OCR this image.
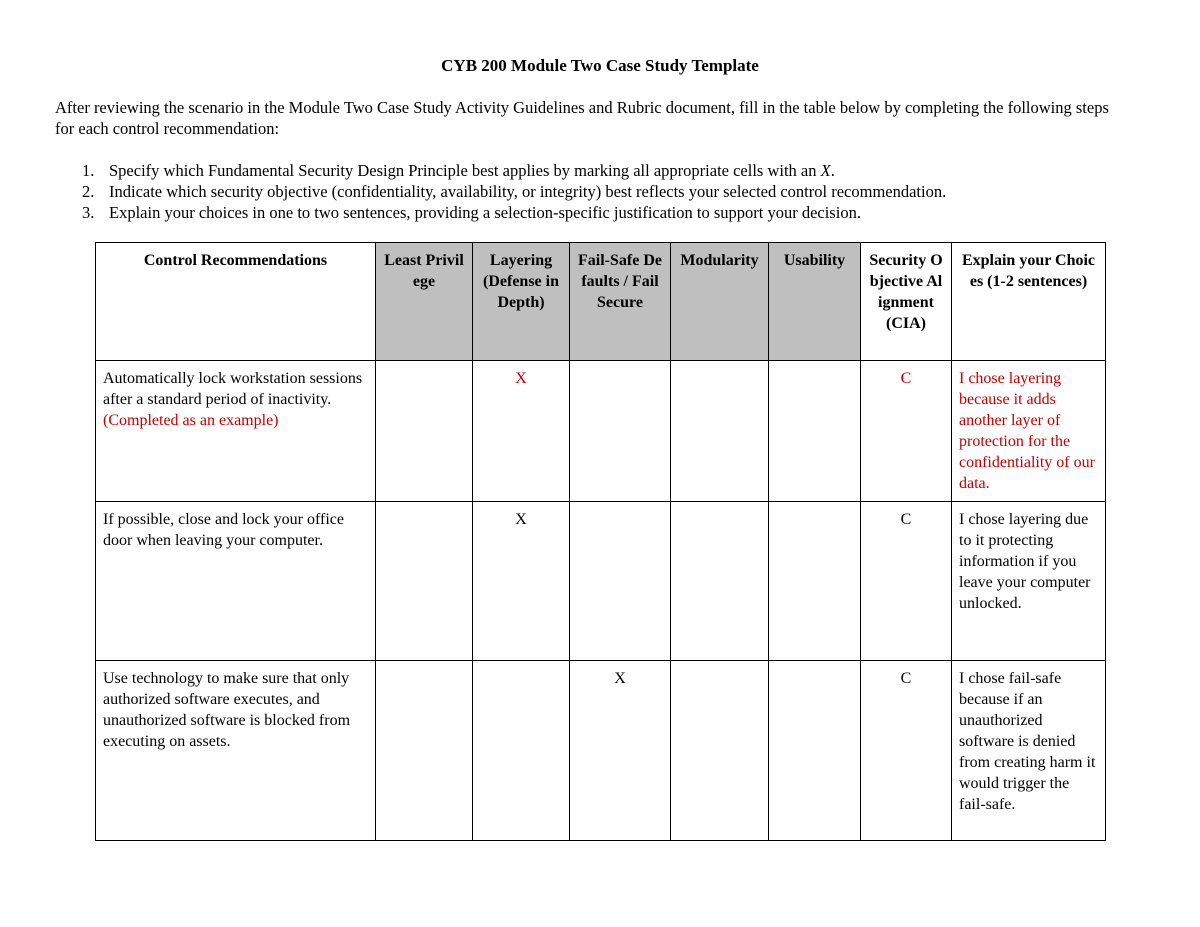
CYB 200 Module Two Case Study Template
After reviewing the scenario in the Module Two Case Study Activity Guidelines and Rubric document, fill in the table below by completing the following steps for each control recommendation:
1. Specify which Fundamental Security Design Principle best applies by marking all appropriate cells with an X.
2. Indicate which security objective (confidentiality, availability, or integrity) best reflects your selected control recommendation.
3. Explain your choices in one to two sentences, providing a selection-specific justification to support your decision.
Control Recommendations	Least Privilege	Layering (Defense in Depth)	Fail-Safe Defaults / Fail Secure	Modularity	Usability	Security Objective Alignment (CIA)	Explain your Choices (1-2 sentences)
Automatically lock workstation sessions after a standard period of inactivity. (Completed as an example)		X				C	I chose layering because it adds another layer of protection for the confidentiality of our data.
If possible, close and lock your office door when leaving your computer.		X				C	I chose layering due to it protecting information if you leave your computer unlocked.
Use technology to make sure that only authorized software executes, and unauthorized software is blocked from executing on assets.			X			C	I chose fail-safe because if an unauthorized software is denied from creating harm it would trigger the fail-safe.
